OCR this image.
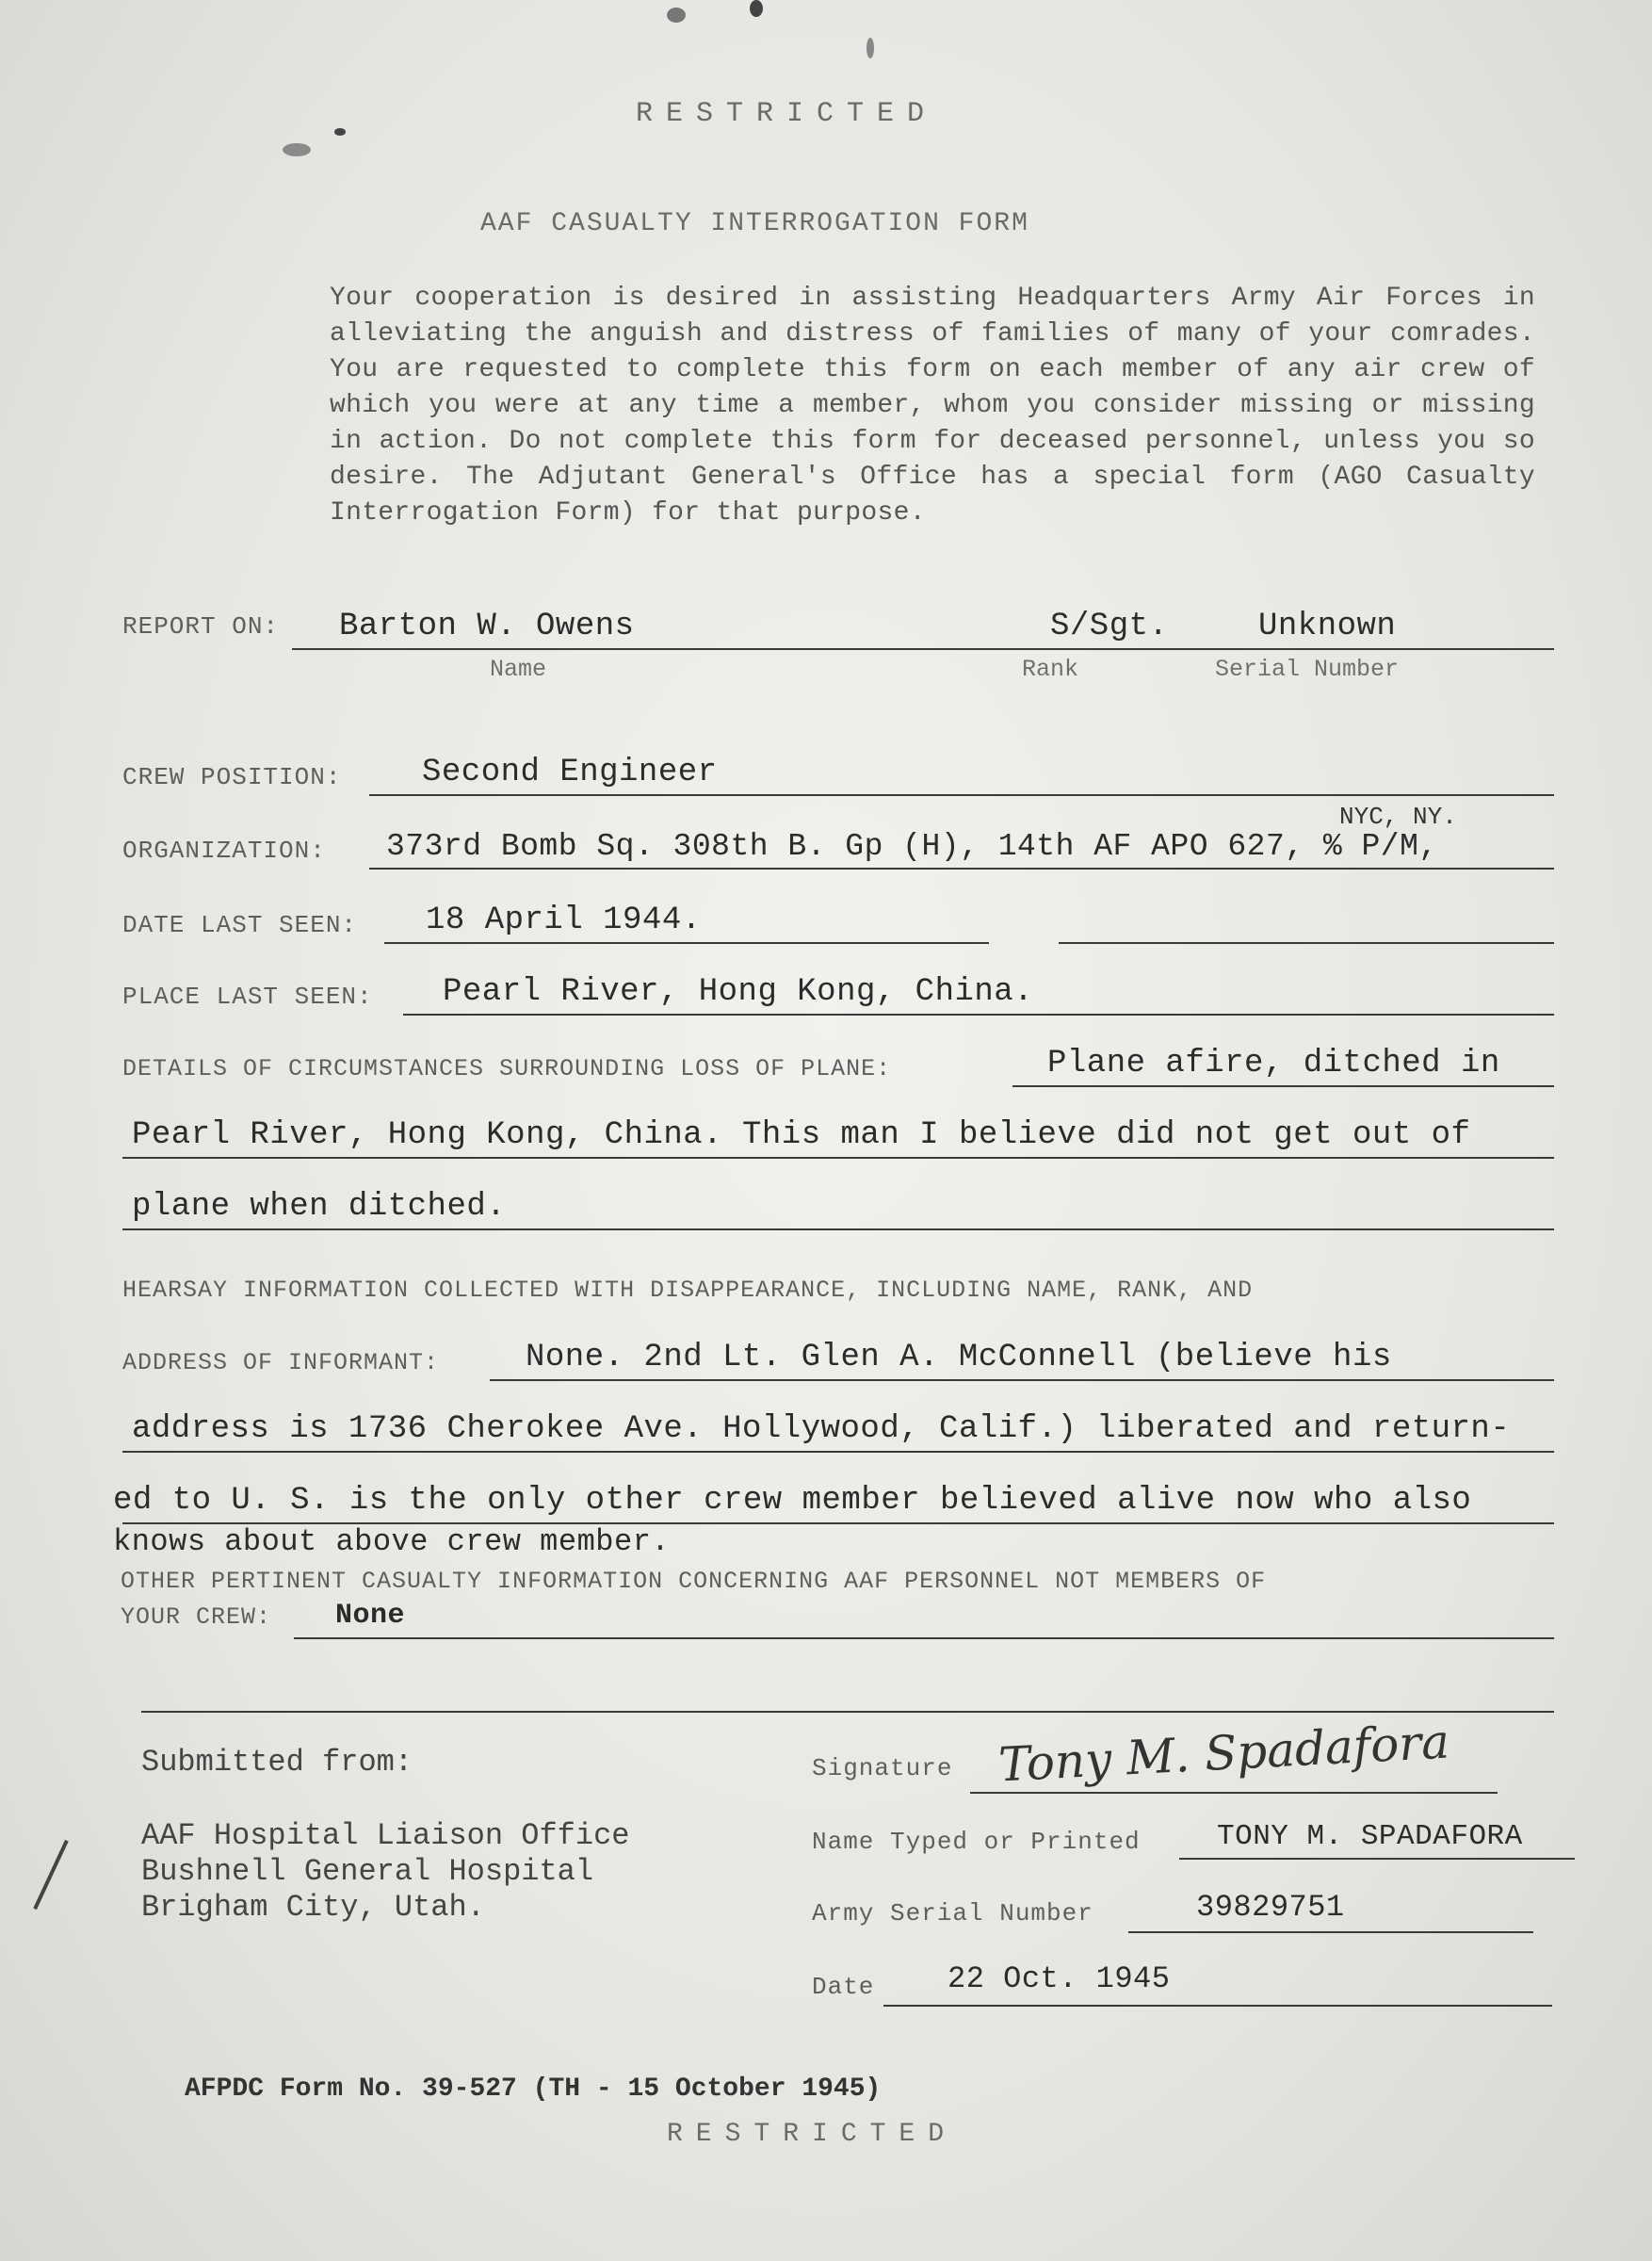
RESTRICTED
AAF CASUALTY INTERROGATION FORM
Your cooperation is desired in assisting Headquarters Army Air Forces in alleviating the anguish and distress of families of many of your comrades. You are requested to complete this form on each member of any air crew of which you were at any time a member, whom you consider missing or missing in action. Do not complete this form for deceased personnel, unless you so desire. The Adjutant General's Office has a special form (AGO Casualty Interrogation Form) for that purpose.
REPORT ON: Barton W. Owens	S/Sgt.	Unknown
Name	Rank	Serial Number
CREW POSITION:	Second Engineer
ORGANIZATION: 373rd Bomb Sq. 308th B. Gp (H), 14th AF APO 627, % P/M,
NYC, NY.
DATE LAST SEEN: 18 April 1944.
PLACE LAST SEEN: Pearl River, Hong Kong, China.
DETAILS OF CIRCUMSTANCES SURROUNDING LOSS OF PLANE:	Plane afire, ditched in
Pearl River, Hong Kong, China. This man I believe did not get out of
plane when ditched.
HEARSAY INFORMATION COLLECTED WITH DISAPPEARANCE, INCLUDING NAME, RANK, AND
ADDRESS OF INFORMANT:	None. 2nd Lt. Glen A. McConnell (believe his
address is 1736 Cherokee Ave. Hollywood, Calif.) liberated and return-
ed to U. S. is the only other crew member believed alive now who also
knows about above crew member.
OTHER PERTINENT CASUALTY INFORMATION CONCERNING AAF PERSONNEL NOT MEMBERS OF
YOUR CREW: None
Submitted from:
AAF Hospital Liaison Office
Bushnell General Hospital
Brigham City, Utah.
Signature Tony M. Spadafora
Name Typed or Printed	TONY M. SPADAFORA
Army Serial Number	39829751
Date 22 Oct. 1945
AFPDC Form No. 39-527 (TH - 15 October 1945)
RESTRICTED
